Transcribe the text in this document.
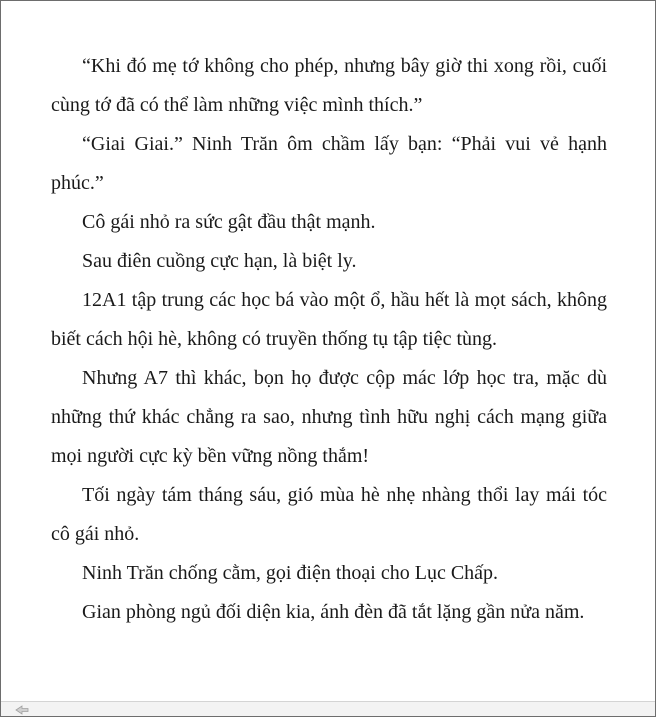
“Khi đó mẹ tớ không cho phép, nhưng bây giờ thi xong rồi, cuối cùng tớ đã có thể làm những việc mình thích.”

“Giai Giai.” Ninh Trăn ôm chầm lấy bạn: “Phải vui vẻ hạnh phúc.”

Cô gái nhỏ ra sức gật đầu thật mạnh.

Sau điên cuồng cực hạn, là biệt ly.

12A1 tập trung các học bá vào một ổ, hầu hết là mọt sách, không biết cách hội hè, không có truyền thống tụ tập tiệc tùng.

Nhưng A7 thì khác, bọn họ được cộp mác lớp học tra, mặc dù những thứ khác chẳng ra sao, nhưng tình hữu nghị cách mạng giữa mọi người cực kỳ bền vững nồng thắm!

Tối ngày tám tháng sáu, gió mùa hè nhẹ nhàng thổi lay mái tóc cô gái nhỏ.

Ninh Trăn chống cằm, gọi điện thoại cho Lục Chấp.

Gian phòng ngủ đối diện kia, ánh đèn đã tắt lặng gần nửa năm.
